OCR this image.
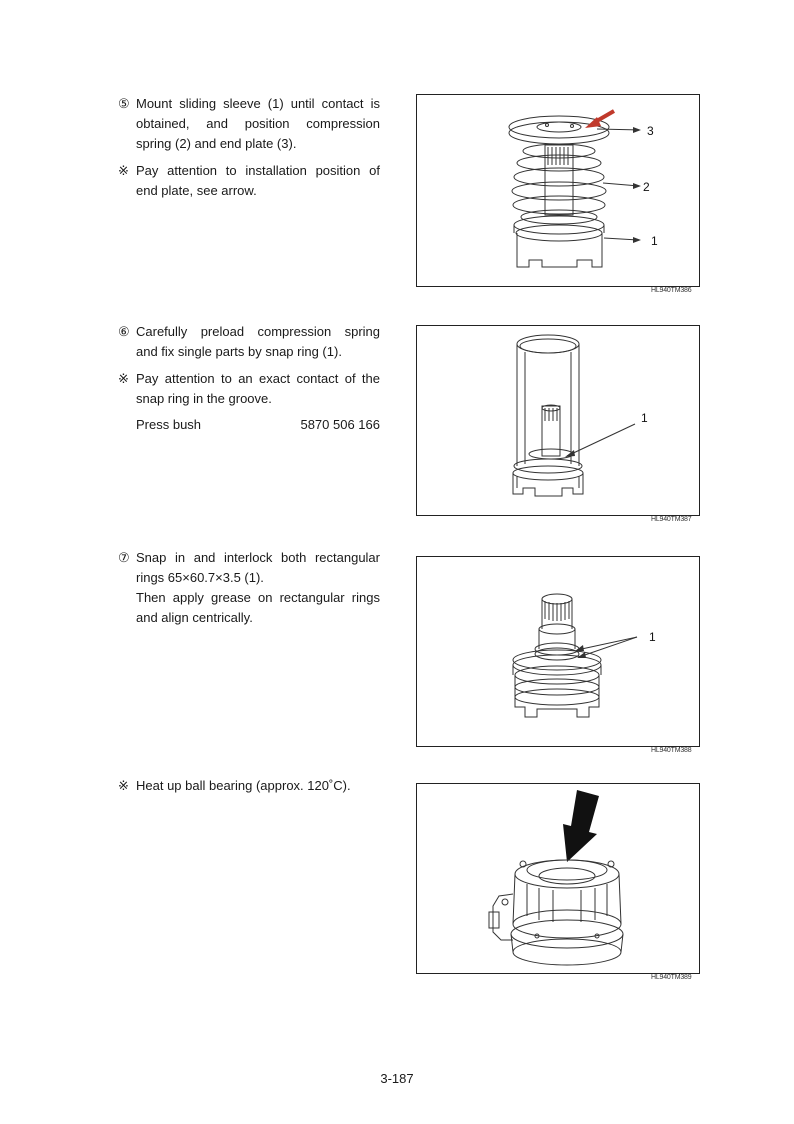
⑤ Mount sliding sleeve (1) until contact is
obtained, and position compression
spring (2) and end plate (3).
※ Pay attention to installation position of
end plate, see arrow.
3
2
1
HL940TM386
⑥ Carefully preload compression spring
and fix single parts by snap ring (1).
※ Pay attention to an exact contact of the
snap ring in the groove.
Press bush	5870 506 166	1
HL940TM387
⑦ Snap in and interlock both rectangular
rings 65×60.7×3.5 (1).
Then apply grease on rectangular rings
and align centrically.
1
HL940TM388
※ Heat up ball bearing (approx. 120˚C).
HL940TM389
3-187
